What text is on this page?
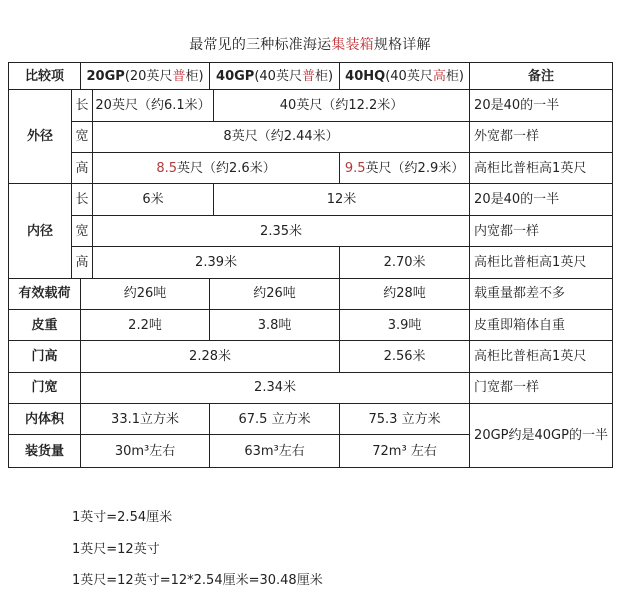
最常见的三种标准海运集装箱规格详解
比较项		20GP(20英尺普柜)		40GP(40英尺普柜)		40HQ(40英尺高柜)	备注
外径	长		20英尺（约6.1米）		40英尺（约12.2米）		20是40的一半
	宽		8英尺（约2.44米）				外宽都一样
	高		8.5英尺（约2.6米）			9.5英尺（约2.9米）	高柜比普柜高1英尺
内径	长		6米		12米		20是40的一半
	宽		2.35米				内宽都一样
	高		2.39米			2.70米	高柜比普柜高1英尺
有效载荷		约26吨		约26吨		约28吨	载重量都差不多
皮重		2.2吨		3.8吨		3.9吨	皮重即箱体自重
门高		2.28米				2.56米	高柜比普柜高1英尺
门宽		2.34米					门宽都一样
内体积		33.1立方米		67.5 立方米		75.3 立方米	20GP约是40GP的一半
装货量		30m³左右		63m³左右		72m³ 左右	
1英寸=2.54厘米
1英尺=12英寸
1英尺=12英寸=12*2.54厘米=30.48厘米
